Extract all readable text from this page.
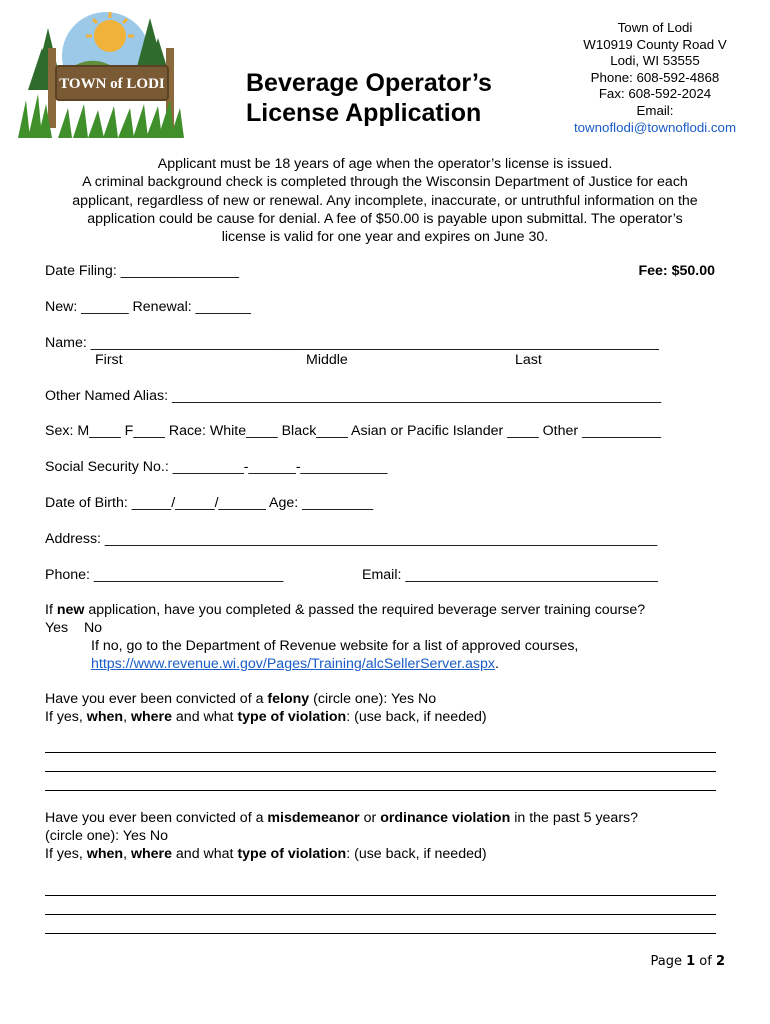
TOWN of LODI	Beverage Operator’s
License Application
Town of Lodi
W10919 County Road V
Lodi, WI 53555
Phone: 608-592-4868
Fax: 608-592-2024
Email:
townoflodi@townoflodi.com
Applicant must be 18 years of age when the operator’s license is issued.
A criminal background check is completed through the Wisconsin Department of Justice for each
applicant, regardless of new or renewal. Any incomplete, inaccurate, or untruthful information on the
application could be cause for denial. A fee of $50.00 is payable upon submittal. The operator’s
license is valid for one year and expires on June 30.
Date Filing: _______________	Fee: $50.00
New: ______ Renewal: _______
Name: ________________________________________________________________________
First	Middle	Last
Other Named Alias: ______________________________________________________________
Sex: M____ F____ Race: White____ Black____ Asian or Pacific Islander ____ Other __________
Social Security No.: _________-______-___________
Date of Birth: _____/_____/______ Age: _________
Address: ______________________________________________________________________
Phone: ________________________	Email: ________________________________
If new application, have you completed & passed the required beverage server training course?
Yes No
If no, go to the Department of Revenue website for a list of approved courses,
https://www.revenue.wi.gov/Pages/Training/alcSellerServer.aspx.
Have you ever been convicted of a felony (circle one): Yes No
If yes, when, where and what type of violation: (use back, if needed)
Have you ever been convicted of a misdemeanor or ordinance violation in the past 5 years?
(circle one): Yes No
If yes, when, where and what type of violation: (use back, if needed)
Page 1 of 2
